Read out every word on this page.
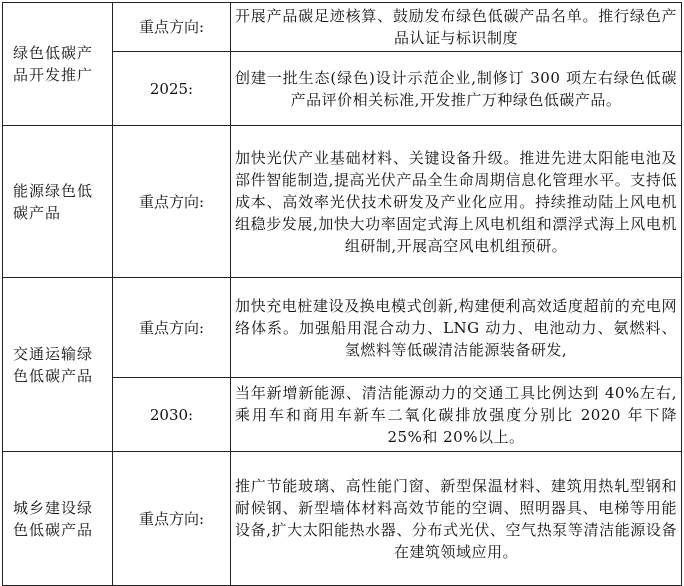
绿色低碳产品开发推广	重点方向:	开展产品碳足迹核算、鼓励发布绿色低碳产品名单。推行绿色产品认证与标识制度
	2025:	创建一批生态(绿色)设计示范企业,制修订 300 项左右绿色低碳产品评价相关标准,开发推广万种绿色低碳产品。
能源绿色低碳产品	重点方向:	加快光伏产业基础材料、关键设备升级。推进先进太阳能电池及部件智能制造,提高光伏产品全生命周期信息化管理水平。支持低成本、高效率光伏技术研发及产业化应用。持续推动陆上风电机组稳步发展,加快大功率固定式海上风电机组和漂浮式海上风电机组研制,开展高空风电机组预研。
交通运输绿色低碳产品	重点方向:	加快充电桩建设及换电模式创新,构建便利高效适度超前的充电网络体系。加强船用混合动力、LNG 动力、电池动力、氨燃料、氢燃料等低碳清洁能源装备研发,
	2030:	当年新增新能源、清洁能源动力的交通工具比例达到 40%左右,乘用车和商用车新车二氧化碳排放强度分别比 2020 年下降 25%和 20%以上。
城乡建设绿色低碳产品	重点方向:	推广节能玻璃、高性能门窗、新型保温材料、建筑用热轧型钢和耐候钢、新型墙体材料高效节能的空调、照明器具、电梯等用能设备,扩大太阳能热水器、分布式光伏、空气热泵等清洁能源设备在建筑领域应用。
